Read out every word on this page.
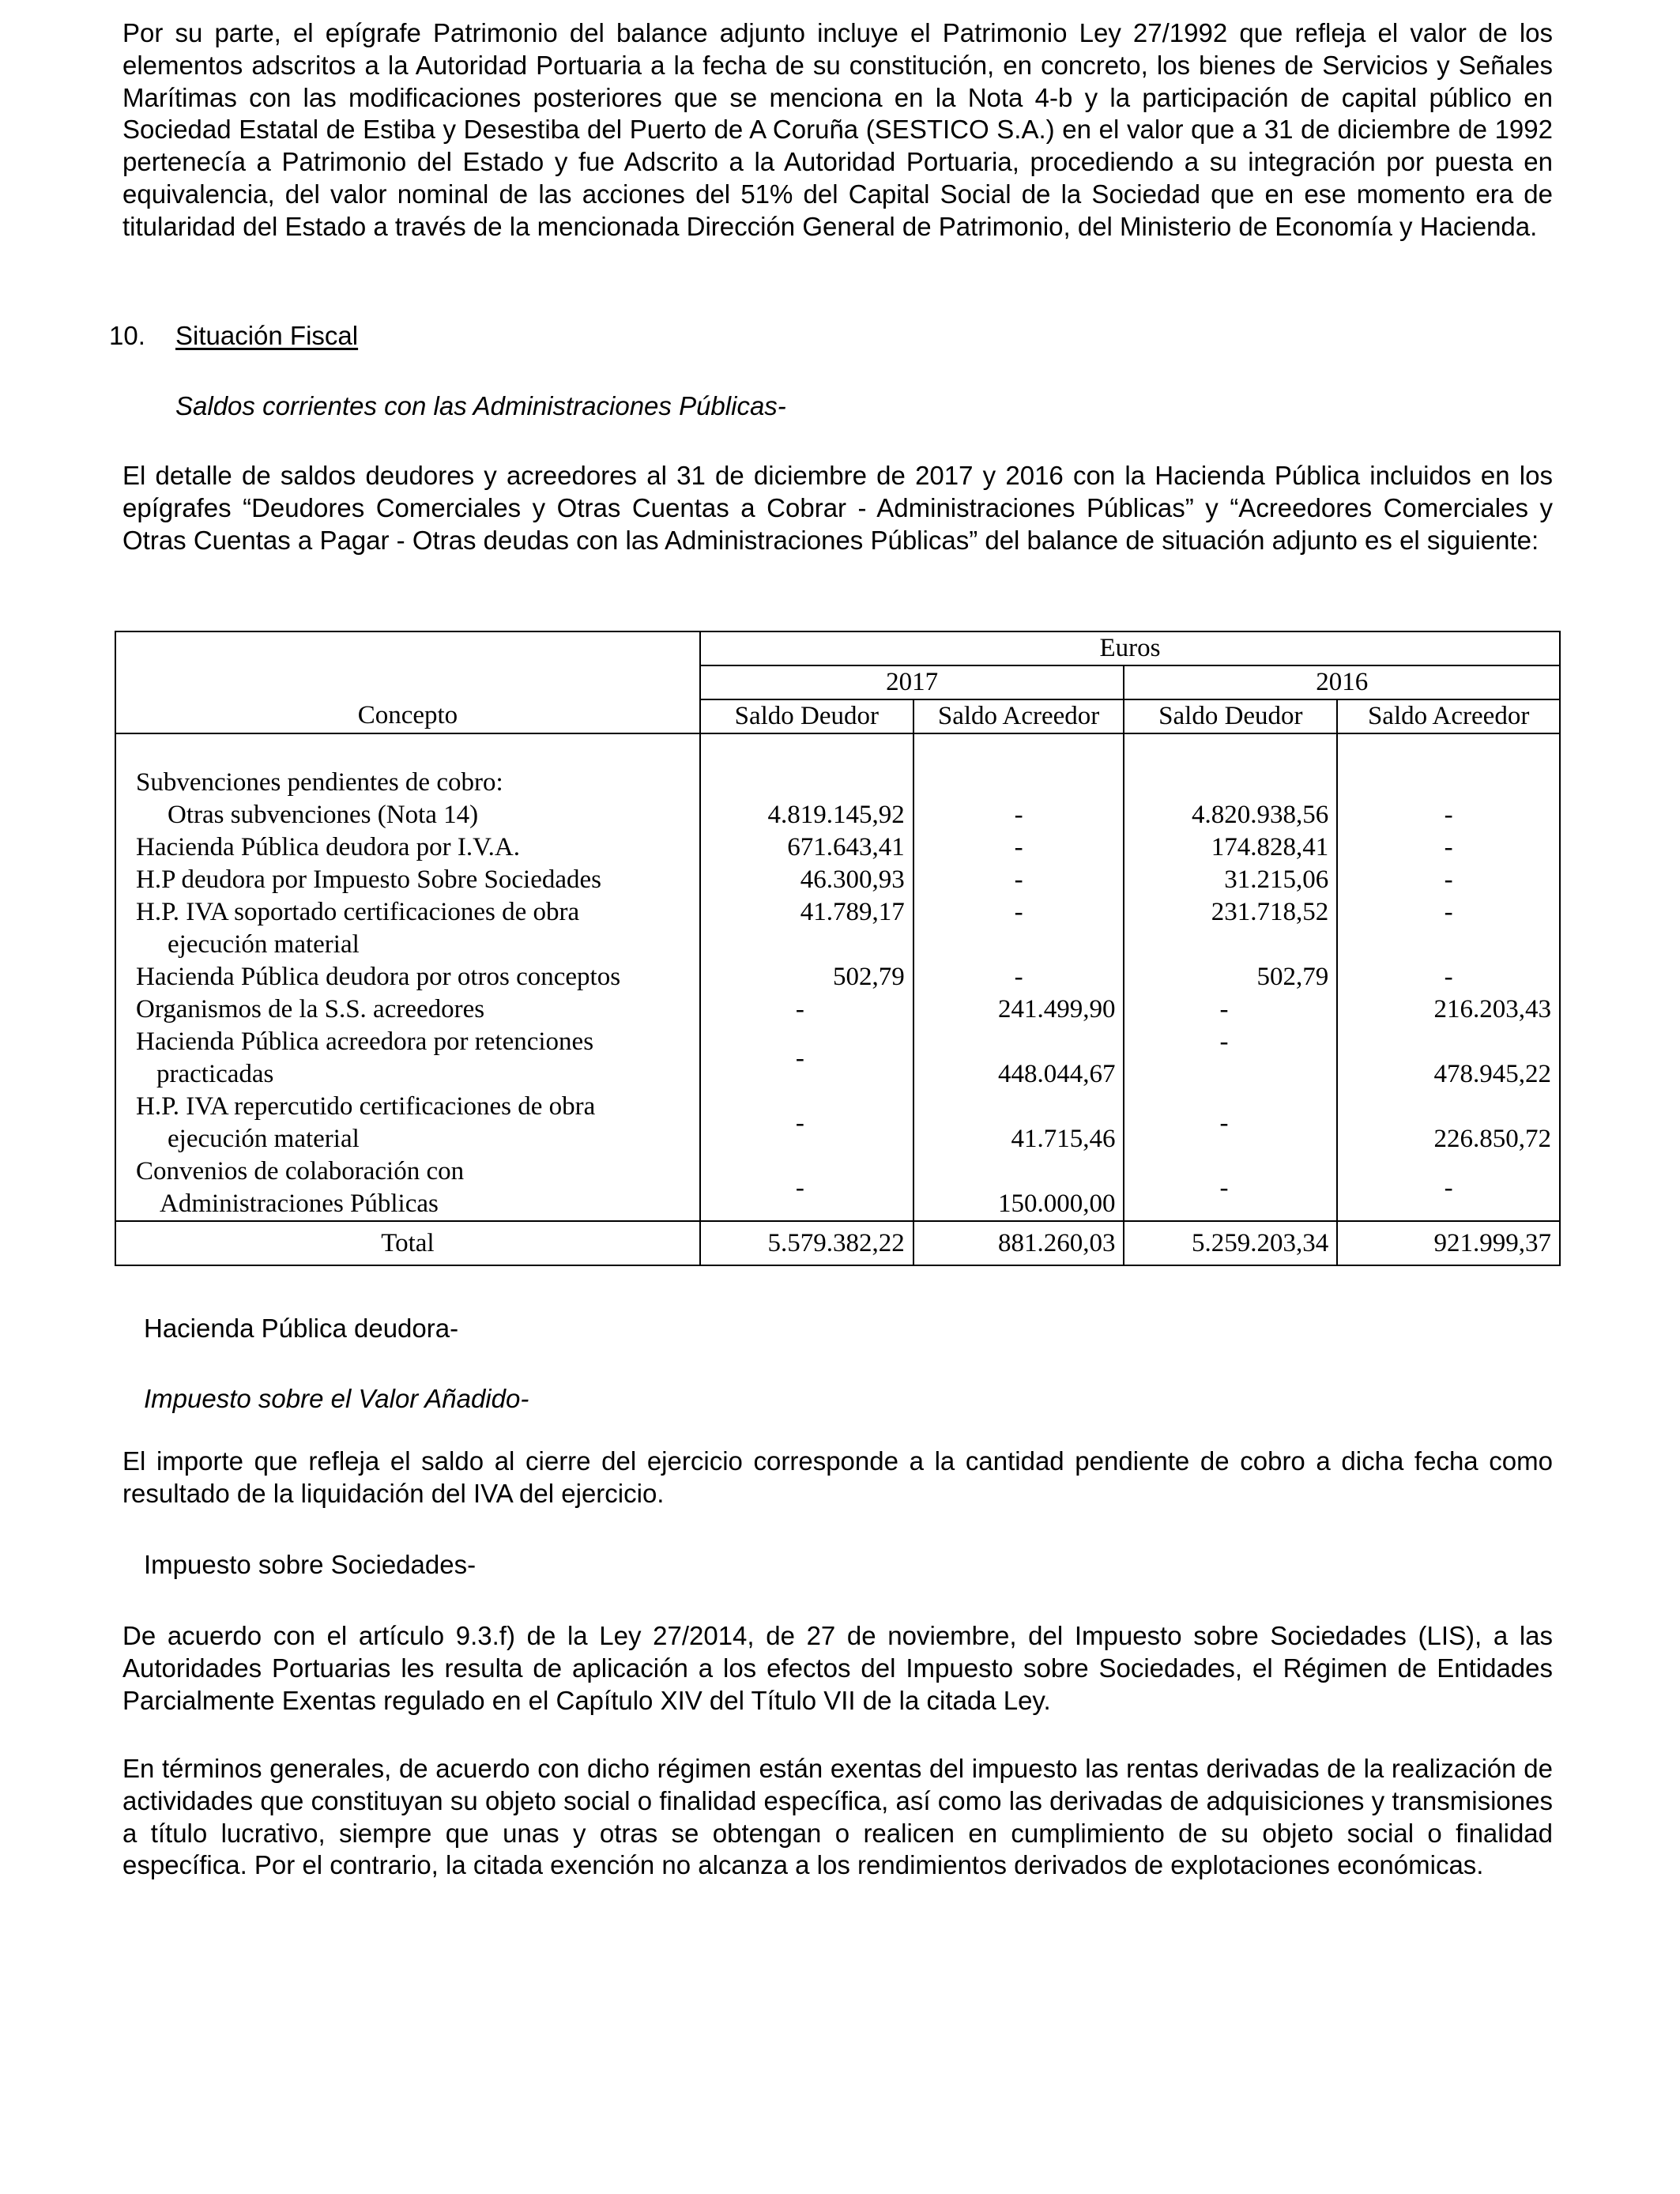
Por su parte, el epígrafe Patrimonio del balance adjunto incluye el Patrimonio Ley 27/1992 que refleja el valor de los elementos adscritos a la Autoridad Portuaria a la fecha de su constitución, en concreto, los bienes de Servicios y Señales Marítimas con las modificaciones posteriores que se menciona en la Nota 4-b y la participación de capital público en Sociedad Estatal de Estiba y Desestiba del Puerto de A Coruña (SESTICO S.A.) en el valor que a 31 de diciembre de 1992 pertenecía a Patrimonio del Estado y fue Adscrito a la Autoridad Portuaria, procediendo a su integración por puesta en equivalencia, del valor nominal de las acciones del 51% del Capital Social de la Sociedad que en ese momento era de titularidad del Estado a través de la mencionada Dirección General de Patrimonio, del Ministerio de Economía y Hacienda.

10. Situación Fiscal
Saldos corrientes con las Administraciones Públicas-

El detalle de saldos deudores y acreedores al 31 de diciembre de 2017 y 2016 con la Hacienda Pública incluidos en los epígrafes “Deudores Comerciales y Otras Cuentas a Cobrar - Administraciones Públicas” y “Acreedores Comerciales y Otras Cuentas a Pagar - Otras deudas con las Administraciones Públicas” del balance de situación adjunto es el siguiente:

	Euros			
	2017		2016	
Concepto	Saldo Deudor	Saldo Acreedor	Saldo Deudor	Saldo Acreedor

Subvenciones pendientes de cobro:				
Otras subvenciones (Nota 14)	4.819.145,92	-	4.820.938,56	-
Hacienda Pública deudora por I.V.A.	671.643,41	-	174.828,41	-
H.P deudora por Impuesto Sobre Sociedades	46.300,93	-	31.215,06	-

H.P. IVA soportado certificaciones de obra
ejecución material	41.789,17	-	231.718,52	-
Hacienda Pública deudora por otros conceptos	502,79	-	502,79	-
Organismos de la S.S. acreedores	-	241.499,90	-	216.203,43

Hacienda Pública acreedora por retenciones
practicadas	-	448.044,67	-	478.945,22

H.P. IVA repercutido certificaciones de obra
ejecución material	-	41.715,46	-	226.850,72

Convenios de colaboración con
Administraciones Públicas	-	150.000,00	-	-
Total	5.579.382,22	881.260,03	5.259.203,34	921.999,37
Hacienda Pública deudora-
Impuesto sobre el Valor Añadido-

El importe que refleja el saldo al cierre del ejercicio corresponde a la cantidad pendiente de cobro a dicha fecha como resultado de la liquidación del IVA del ejercicio.

Impuesto sobre Sociedades-

De acuerdo con el artículo 9.3.f) de la Ley 27/2014, de 27 de noviembre, del Impuesto sobre Sociedades (LIS), a las Autoridades Portuarias les resulta de aplicación a los efectos del Impuesto sobre Sociedades, el Régimen de Entidades Parcialmente Exentas regulado en el Capítulo XIV del Título VII de la citada Ley.

En términos generales, de acuerdo con dicho régimen están exentas del impuesto las rentas derivadas de la realización de actividades que constituyan su objeto social o finalidad específica, así como las derivadas de adquisiciones y transmisiones a título lucrativo, siempre que unas y otras se obtengan o realicen en cumplimiento de su objeto social o finalidad específica. Por el contrario, la citada exención no alcanza a los rendimientos derivados de explotaciones económicas.
